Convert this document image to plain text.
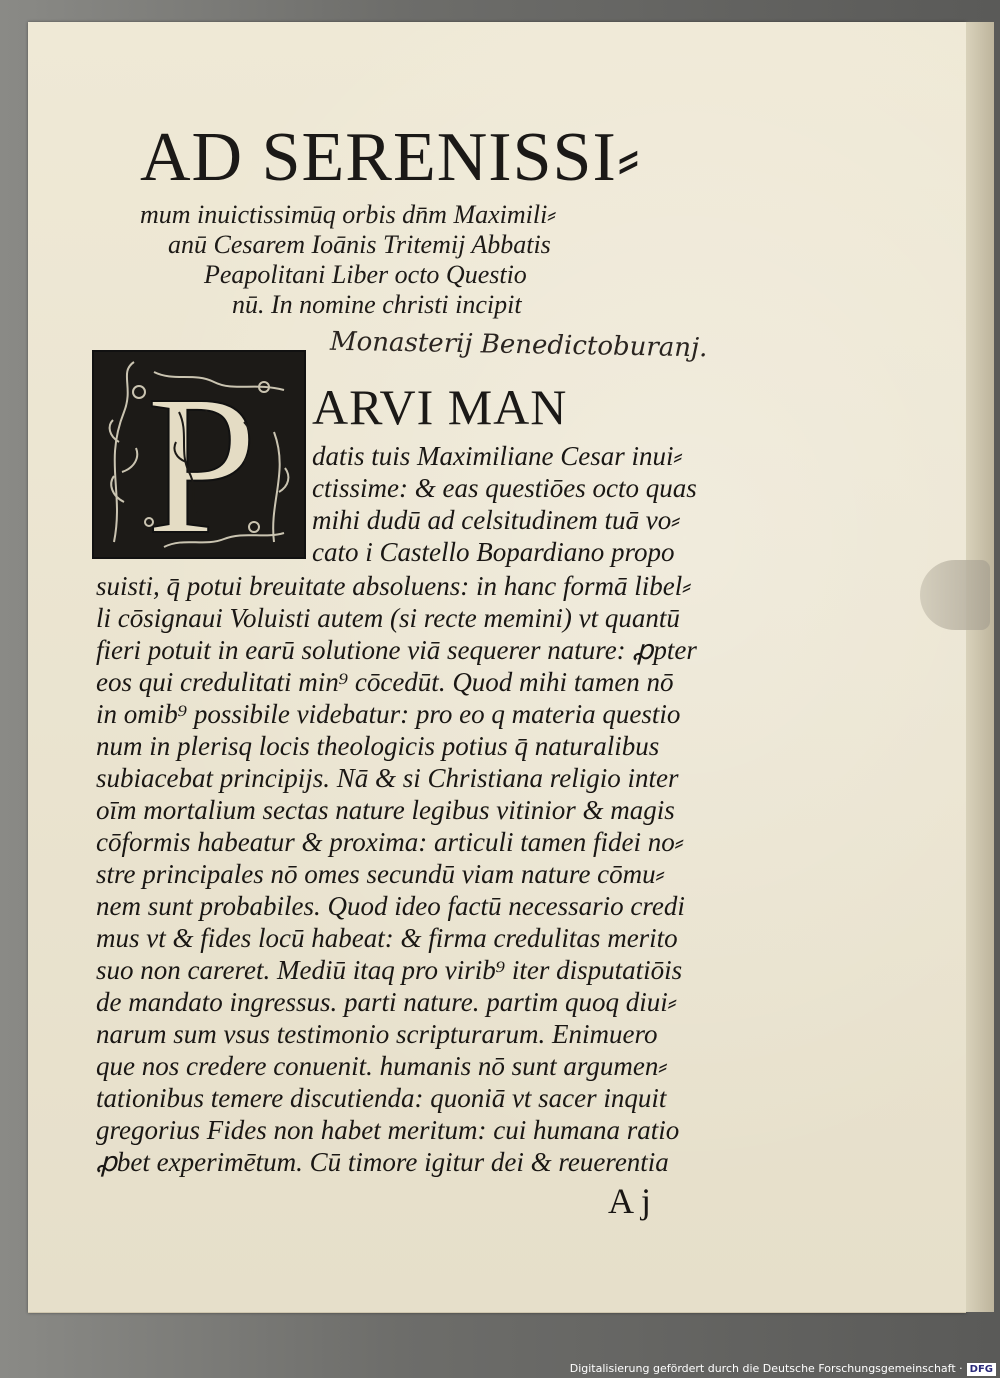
AD SERENISSI⸗
mum inuictissimūq orbis dn̄m Maximili⸗
anū Cesarem Ioānis Tritemij Abbatis
Peapolitani Liber octo Questio
nū. In nomine christi incipit
Monasterij Benedictoburanj.
P ARVI MAN
datis tuis Maximiliane Cesar inui⸗
ctissime: & eas questiōes octo quas
mihi dudū ad celsitudinem tuā vo⸗
cato i Castello Bopardiano propo
suisti, q̄ potui breuitate absoluens: in hanc formā libel⸗
li cōsignaui Voluisti autem (si recte memini) vt quantū
fieri potuit in earū solutione viā sequerer nature: ꝓpter
eos qui credulitati min⁹ cōcedūt. Quod mihi tamen nō
in omib⁹ possibile videbatur: pro eo q materia questio
num in plerisq locis theologicis potius q̄ naturalibus
subiacebat principijs. Nā & si Christiana religio inter
oīm mortalium sectas nature legibus vitinior & magis
cōformis habeatur & proxima: articuli tamen fidei no⸗
stre principales nō omes secundū viam nature cōmu⸗
nem sunt probabiles. Quod ideo factū necessario credi
mus vt & fides locū habeat: & firma credulitas merito
suo non careret. Mediū itaq pro virib⁹ iter disputatiōis
de mandato ingressus. parti nature. partim quoq diui⸗
narum sum vsus testimonio scripturarum. Enimuero
que nos credere conuenit. humanis nō sunt argumen⸗
tationibus temere discutienda: quoniā vt sacer inquit
gregorius Fides non habet meritum: cui humana ratio
ꝓbet experimētum. Cū timore igitur dei & reuerentia
A j
Digitalisierung gefördert durch die Deutsche Forschungsgemeinschaft · DFG
